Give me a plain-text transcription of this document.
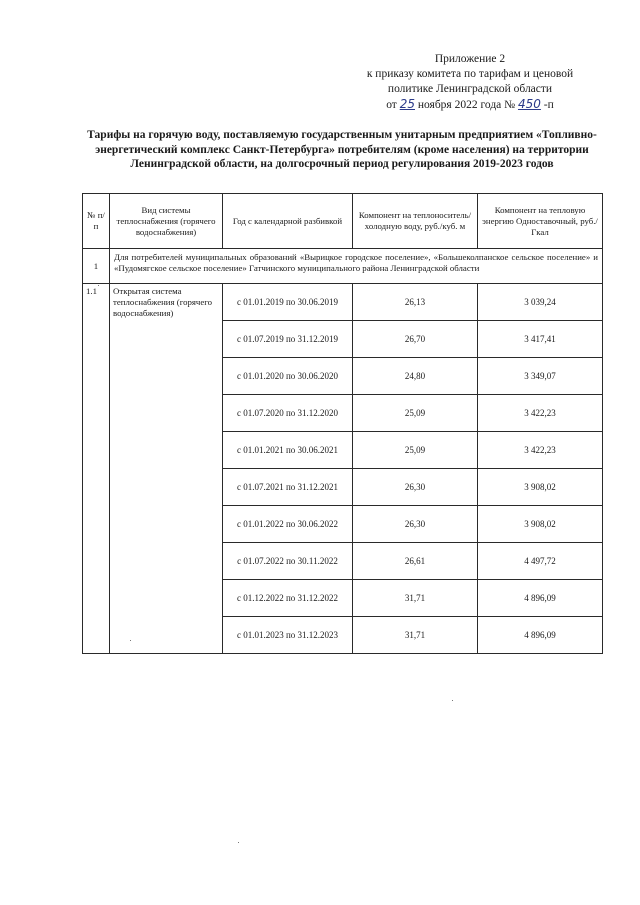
Приложение 2
к приказу комитета по тарифам и ценовой
политике Ленинградской области
от 25 ноября 2022 года № 450 -п
Тарифы на горячую воду, поставляемую государственным унитарным предприятием «Топливно-энергетический комплекс Санкт-Петербурга» потребителям (кроме населения) на территории Ленинградской области, на долгосрочный период регулирования 2019-2023 годов
№ п/п	Вид системы теплоснабжения (горячего водоснабжения)	Год с календарной разбивкой	Компонент на теплоноситель/холодную воду, руб./куб. м	Компонент на тепловую энергию Одноставочный, руб./Гкал
1	Для потребителей муниципальных образований «Вырицкое городское поселение», «Большеколпанское сельское поселение» и «Пудомягское сельское поселение» Гатчинского муниципального района Ленинградской области			
1.1	Открытая система теплоснабжения (горячего водоснабжения)	с 01.01.2019 по 30.06.2019	26,13	3 039,24
		с 01.07.2019 по 31.12.2019	26,70	3 417,41
		с 01.01.2020 по 30.06.2020	24,80	3 349,07
		с 01.07.2020 по 31.12.2020	25,09	3 422,23
		с 01.01.2021 по 30.06.2021	25,09	3 422,23
		с 01.07.2021 по 31.12.2021	26,30	3 908,02
		с 01.01.2022 по 30.06.2022	26,30	3 908,02
		с 01.07.2022 по 30.11.2022	26,61	4 497,72
		с 01.12.2022 по 31.12.2022	31,71	4 896,09
		с 01.01.2023 по 31.12.2023	31,71	4 896,09
